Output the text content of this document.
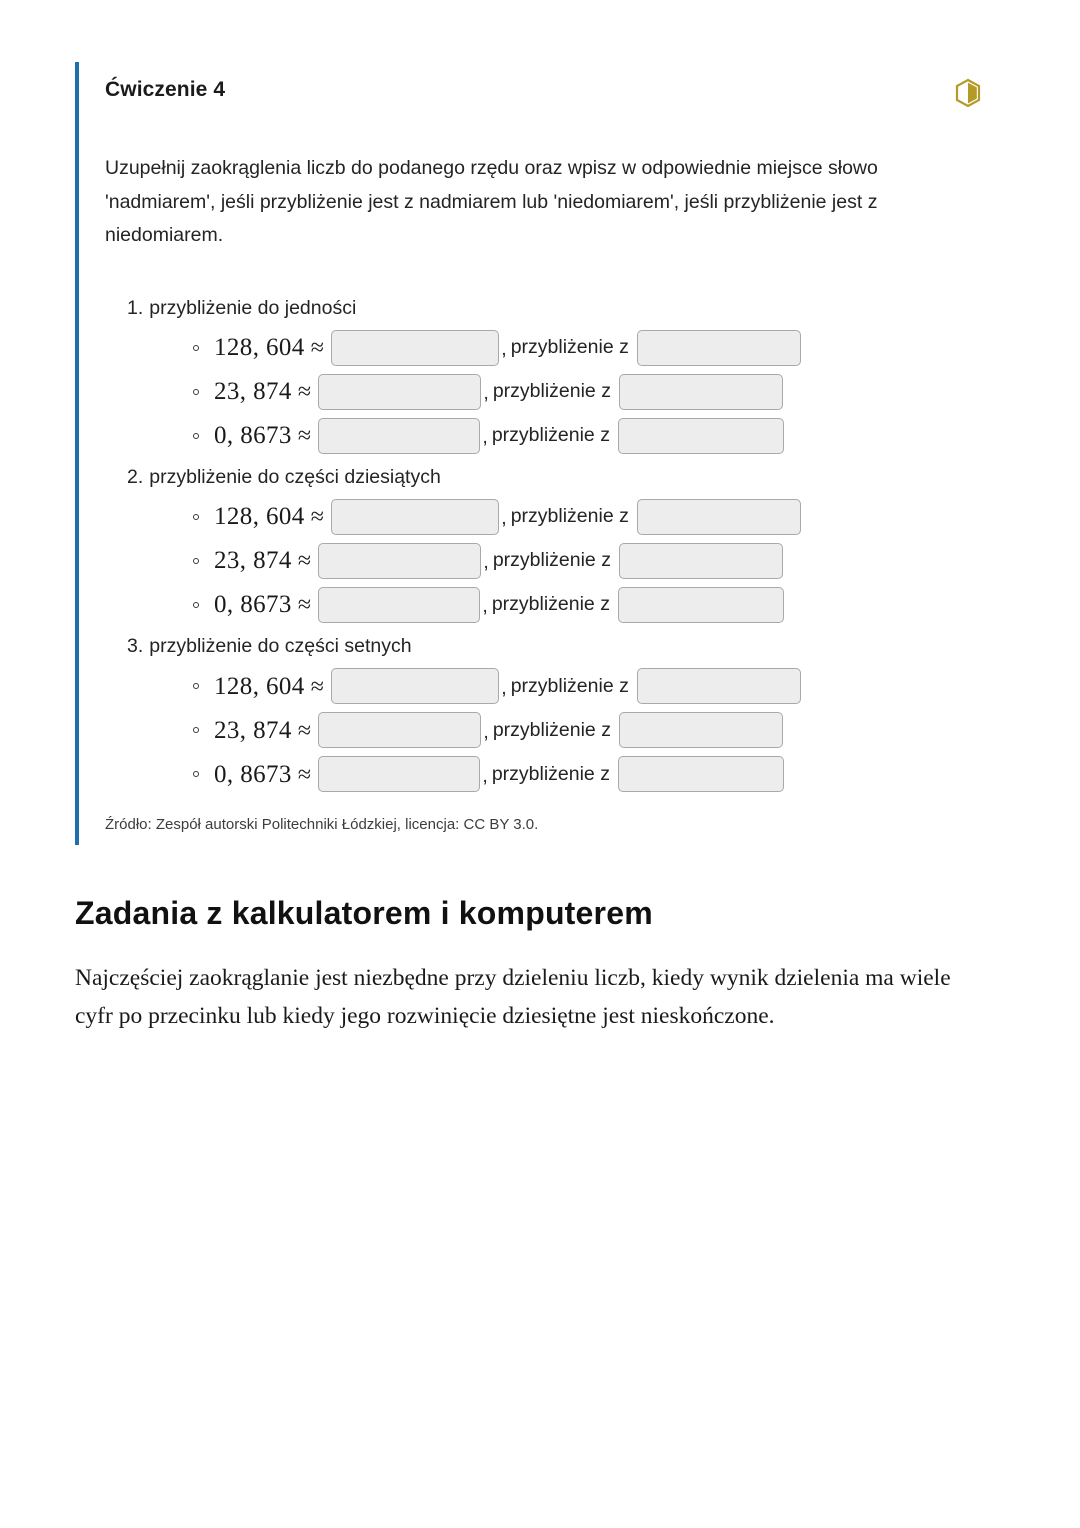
Ćwiczenie 4

Uzupełnij zaokrąglenia liczb do podanego rzędu oraz wpisz w odpowiednie miejsce słowo 'nadmiarem', jeśli przybliżenie jest z nadmiarem lub 'niedomiarem', jeśli przybliżenie jest z niedomiarem.

1. przybliżenie do jedności
128, 604 ≈	, przybliżenie z
23, 874 ≈	, przybliżenie z
0, 8673 ≈	, przybliżenie z
2. przybliżenie do części dziesiątych
128, 604 ≈	, przybliżenie z
23, 874 ≈	, przybliżenie z
0, 8673 ≈	, przybliżenie z
3. przybliżenie do części setnych
128, 604 ≈	, przybliżenie z
23, 874 ≈	, przybliżenie z
0, 8673 ≈	, przybliżenie z

Źródło: Zespół autorski Politechniki Łódzkiej, licencja: CC BY 3.0.

Zadania z kalkulatorem i komputerem

Najczęściej zaokrąglanie jest niezbędne przy dzieleniu liczb, kiedy wynik dzielenia ma wiele cyfr po przecinku lub kiedy jego rozwinięcie dziesiętne jest nieskończone.
